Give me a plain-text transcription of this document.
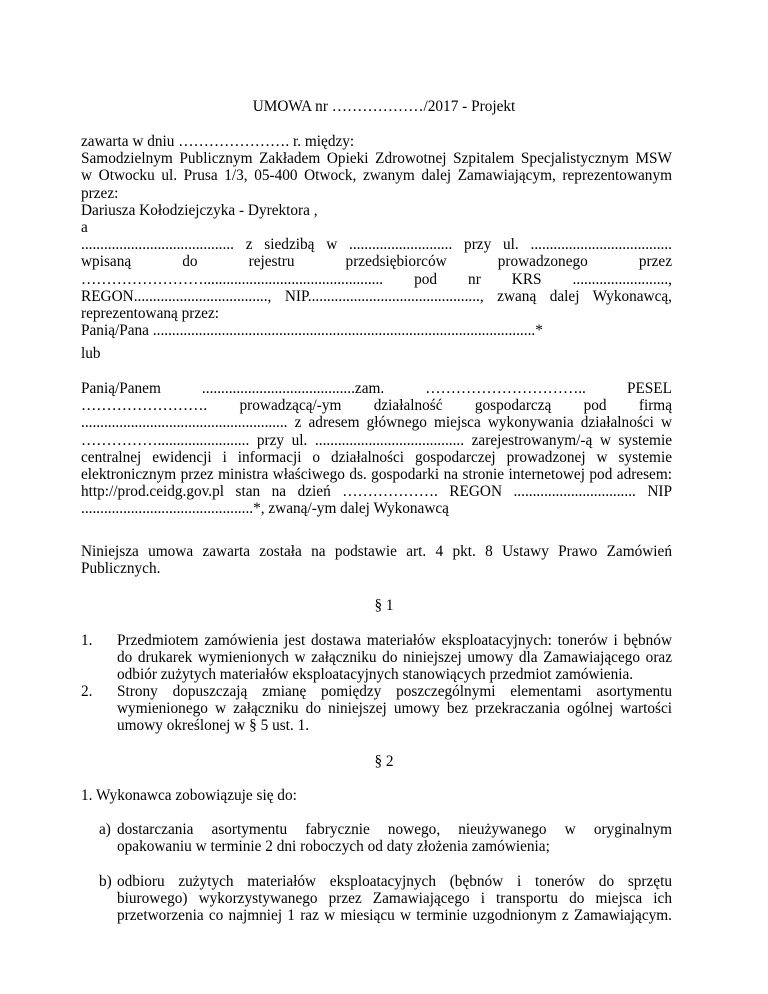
UMOWA nr ………………/2017 - Projekt
zawarta w dniu …………………. r. między:
Samodzielnym Publicznym Zakładem Opieki Zdrowotnej Szpitalem Specjalistycznym MSW
w Otwocku ul. Prusa 1/3, 05-400 Otwock, zwanym dalej Zamawiającym, reprezentowanym
przez:
Dariusza Kołodziejczyka - Dyrektora ,
a
........................................ z siedzibą w ........................... przy ul. .....................................
wpisaną do rejestru przedsiębiorców prowadzonego przez
……………………............................................... pod nr KRS .........................,
REGON..................................., NIP............................................., zwaną dalej Wykonawcą,
reprezentowaną przez:
Panią/Pana ....................................................................................................*
lub
Panią/Panem ........................................zam. ………………………….. PESEL
……………………. prowadzącą/-ym działalność gospodarczą pod firmą
...................................................... z adresem głównego miejsca wykonywania działalności w
……………........................ przy ul. ....................................... zarejestrowanym/-ą w systemie
centralnej ewidencji i informacji o działalności gospodarczej prowadzonej w systemie
elektronicznym przez ministra właściwego ds. gospodarki na stronie internetowej pod adresem:
http://prod.ceidg.gov.pl stan na dzień ………………. REGON ................................ NIP
.............................................*, zwaną/-ym dalej Wykonawcą
Niniejsza umowa zawarta została na podstawie art. 4 pkt. 8 Ustawy Prawo Zamówień
Publicznych.
§ 1
1. Przedmiotem zamówienia jest dostawa materiałów eksploatacyjnych: tonerów i bębnów
do drukarek wymienionych w załączniku do niniejszej umowy dla Zamawiającego oraz
odbiór zużytych materiałów eksploatacyjnych stanowiących przedmiot zamówienia.
2. Strony dopuszczają zmianę pomiędzy poszczególnymi elementami asortymentu
wymienionego w załączniku do niniejszej umowy bez przekraczania ogólnej wartości
umowy określonej w § 5 ust. 1.
§ 2
1. Wykonawca zobowiązuje się do:
a) dostarczania asortymentu fabrycznie nowego, nieużywanego w oryginalnym
opakowaniu w terminie 2 dni roboczych od daty złożenia zamówienia;
b) odbioru zużytych materiałów eksploatacyjnych (bębnów i tonerów do sprzętu
biurowego) wykorzystywanego przez Zamawiającego i transportu do miejsca ich
przetworzenia co najmniej 1 raz w miesiącu w terminie uzgodnionym z Zamawiającym.
